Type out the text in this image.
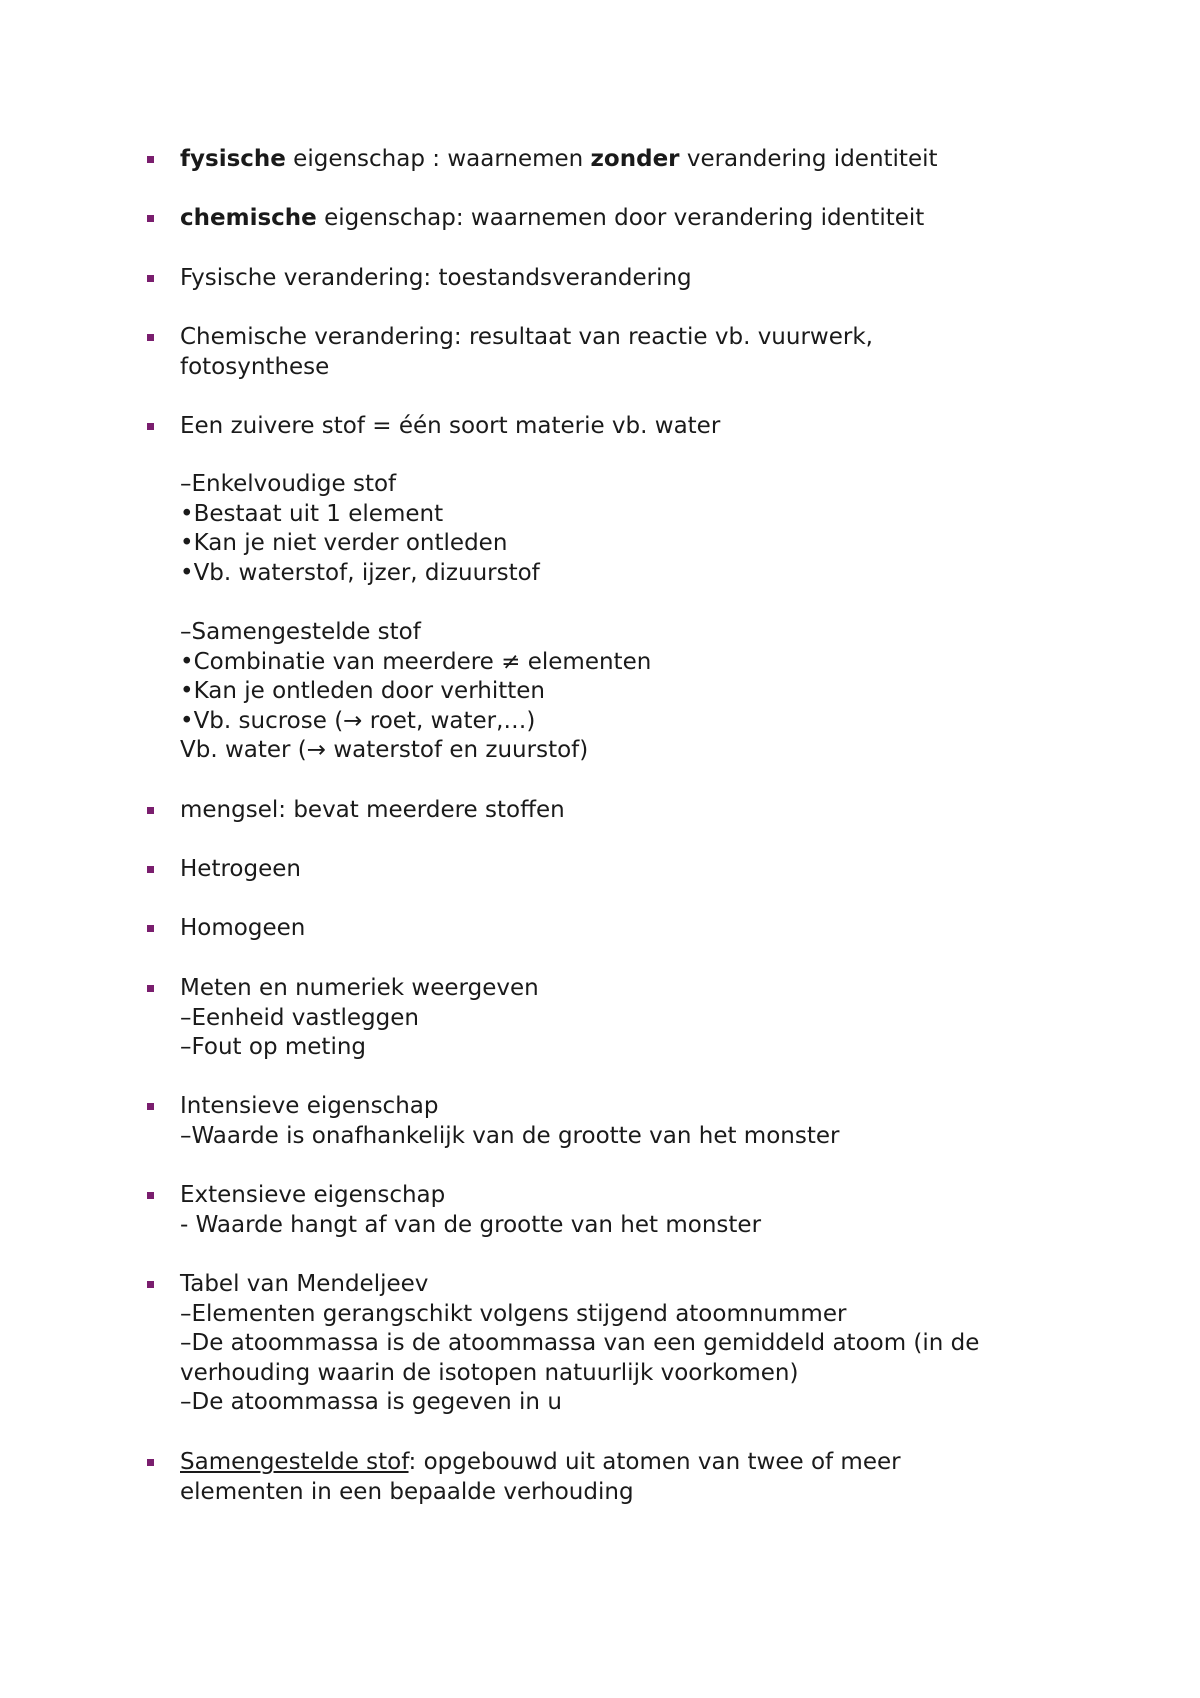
fysische eigenschap : waarnemen zonder verandering identiteit
chemische eigenschap: waarnemen door verandering identiteit
Fysische verandering: toestandsverandering
Chemische verandering: resultaat van reactie vb. vuurwerk,
fotosynthese
Een zuivere stof = één soort materie vb. water
–Enkelvoudige stof
•Bestaat uit 1 element
•Kan je niet verder ontleden
•Vb. waterstof, ijzer, dizuurstof
–Samengestelde stof
•Combinatie van meerdere ≠ elementen
•Kan je ontleden door verhitten
•Vb. sucrose (→ roet, water,…)
Vb. water (→ waterstof en zuurstof)
mengsel: bevat meerdere stoffen
Hetrogeen
Homogeen
Meten en numeriek weergeven
–Eenheid vastleggen
–Fout op meting
Intensieve eigenschap
–Waarde is onafhankelijk van de grootte van het monster
Extensieve eigenschap
- Waarde hangt af van de grootte van het monster
Tabel van Mendeljeev
–Elementen gerangschikt volgens stijgend atoomnummer
–De atoommassa is de atoommassa van een gemiddeld atoom (in de
verhouding waarin de isotopen natuurlijk voorkomen)
–De atoommassa is gegeven in u
Samengestelde stof: opgebouwd uit atomen van twee of meer
elementen in een bepaalde verhouding
